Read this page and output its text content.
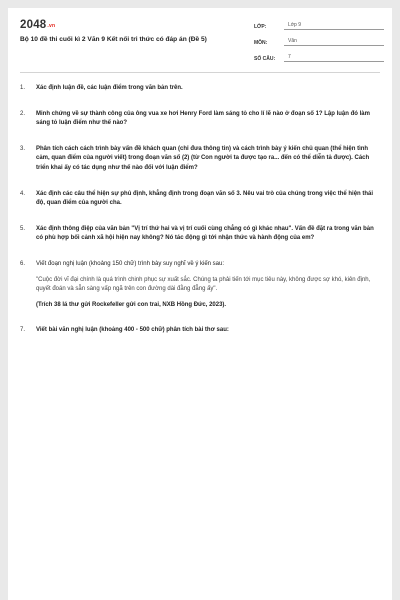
2048.vn
Bộ 10 đề thi cuối kì 2 Văn 9 Kết nối tri thức có đáp án (Đề 5)
LỚP:	Lớp 9
MÔN:	Văn
SỐ CÂU:	7
1.	Xác định luận đề, các luận điểm trong văn bản trên.

2.	Minh chứng về sự thành công của ông vua xe hơi Henry Ford làm sáng tỏ cho lí lẽ nào ở đoạn số 1? Lập luận đó làm sáng tỏ luận điểm như thế nào?

3.	Phân tích cách cách trình bày vấn đề khách quan (chỉ đưa thông tin) và cách trình bày ý kiến chủ quan (thể hiện tình cảm, quan điểm của người viết) trong đoạn văn số (2) (từ Con người ta được tạo ra... đến có thể diễn tả được). Cách triển khai ấy có tác dụng như thế nào đối với luận điểm?

4.	Xác định các câu thể hiện sự phủ định, khẳng định trong đoạn văn số 3. Nêu vai trò của chúng trong việc thể hiện thái độ, quan điểm của người cha.

5.	Xác định thông điệp của văn bản "Vị trí thứ hai và vị trí cuối cùng chẳng có gì khác nhau". Vấn đề đặt ra trong văn bản có phù hợp bối cảnh xã hội hiện nay không? Nó tác động gì tới nhận thức và hành động của em?

6.	Viết đoạn nghị luận (khoảng 150 chữ) trình bày suy nghĩ về ý kiến sau:

"Cuộc đời vĩ đại chính là quá trình chinh phục sự xuất sắc. Chúng ta phải tiến tới mục tiêu này, không được sợ khó, kiên định, quyết đoán và sẵn sàng vấp ngã trên con đường dài đằng đẵng ấy".

(Trích 38 lá thư gửi Rockefeller gửi con trai, NXB Hồng Đức, 2023).

7.	Viết bài văn nghị luận (khoảng 400 - 500 chữ) phân tích bài thơ sau:
